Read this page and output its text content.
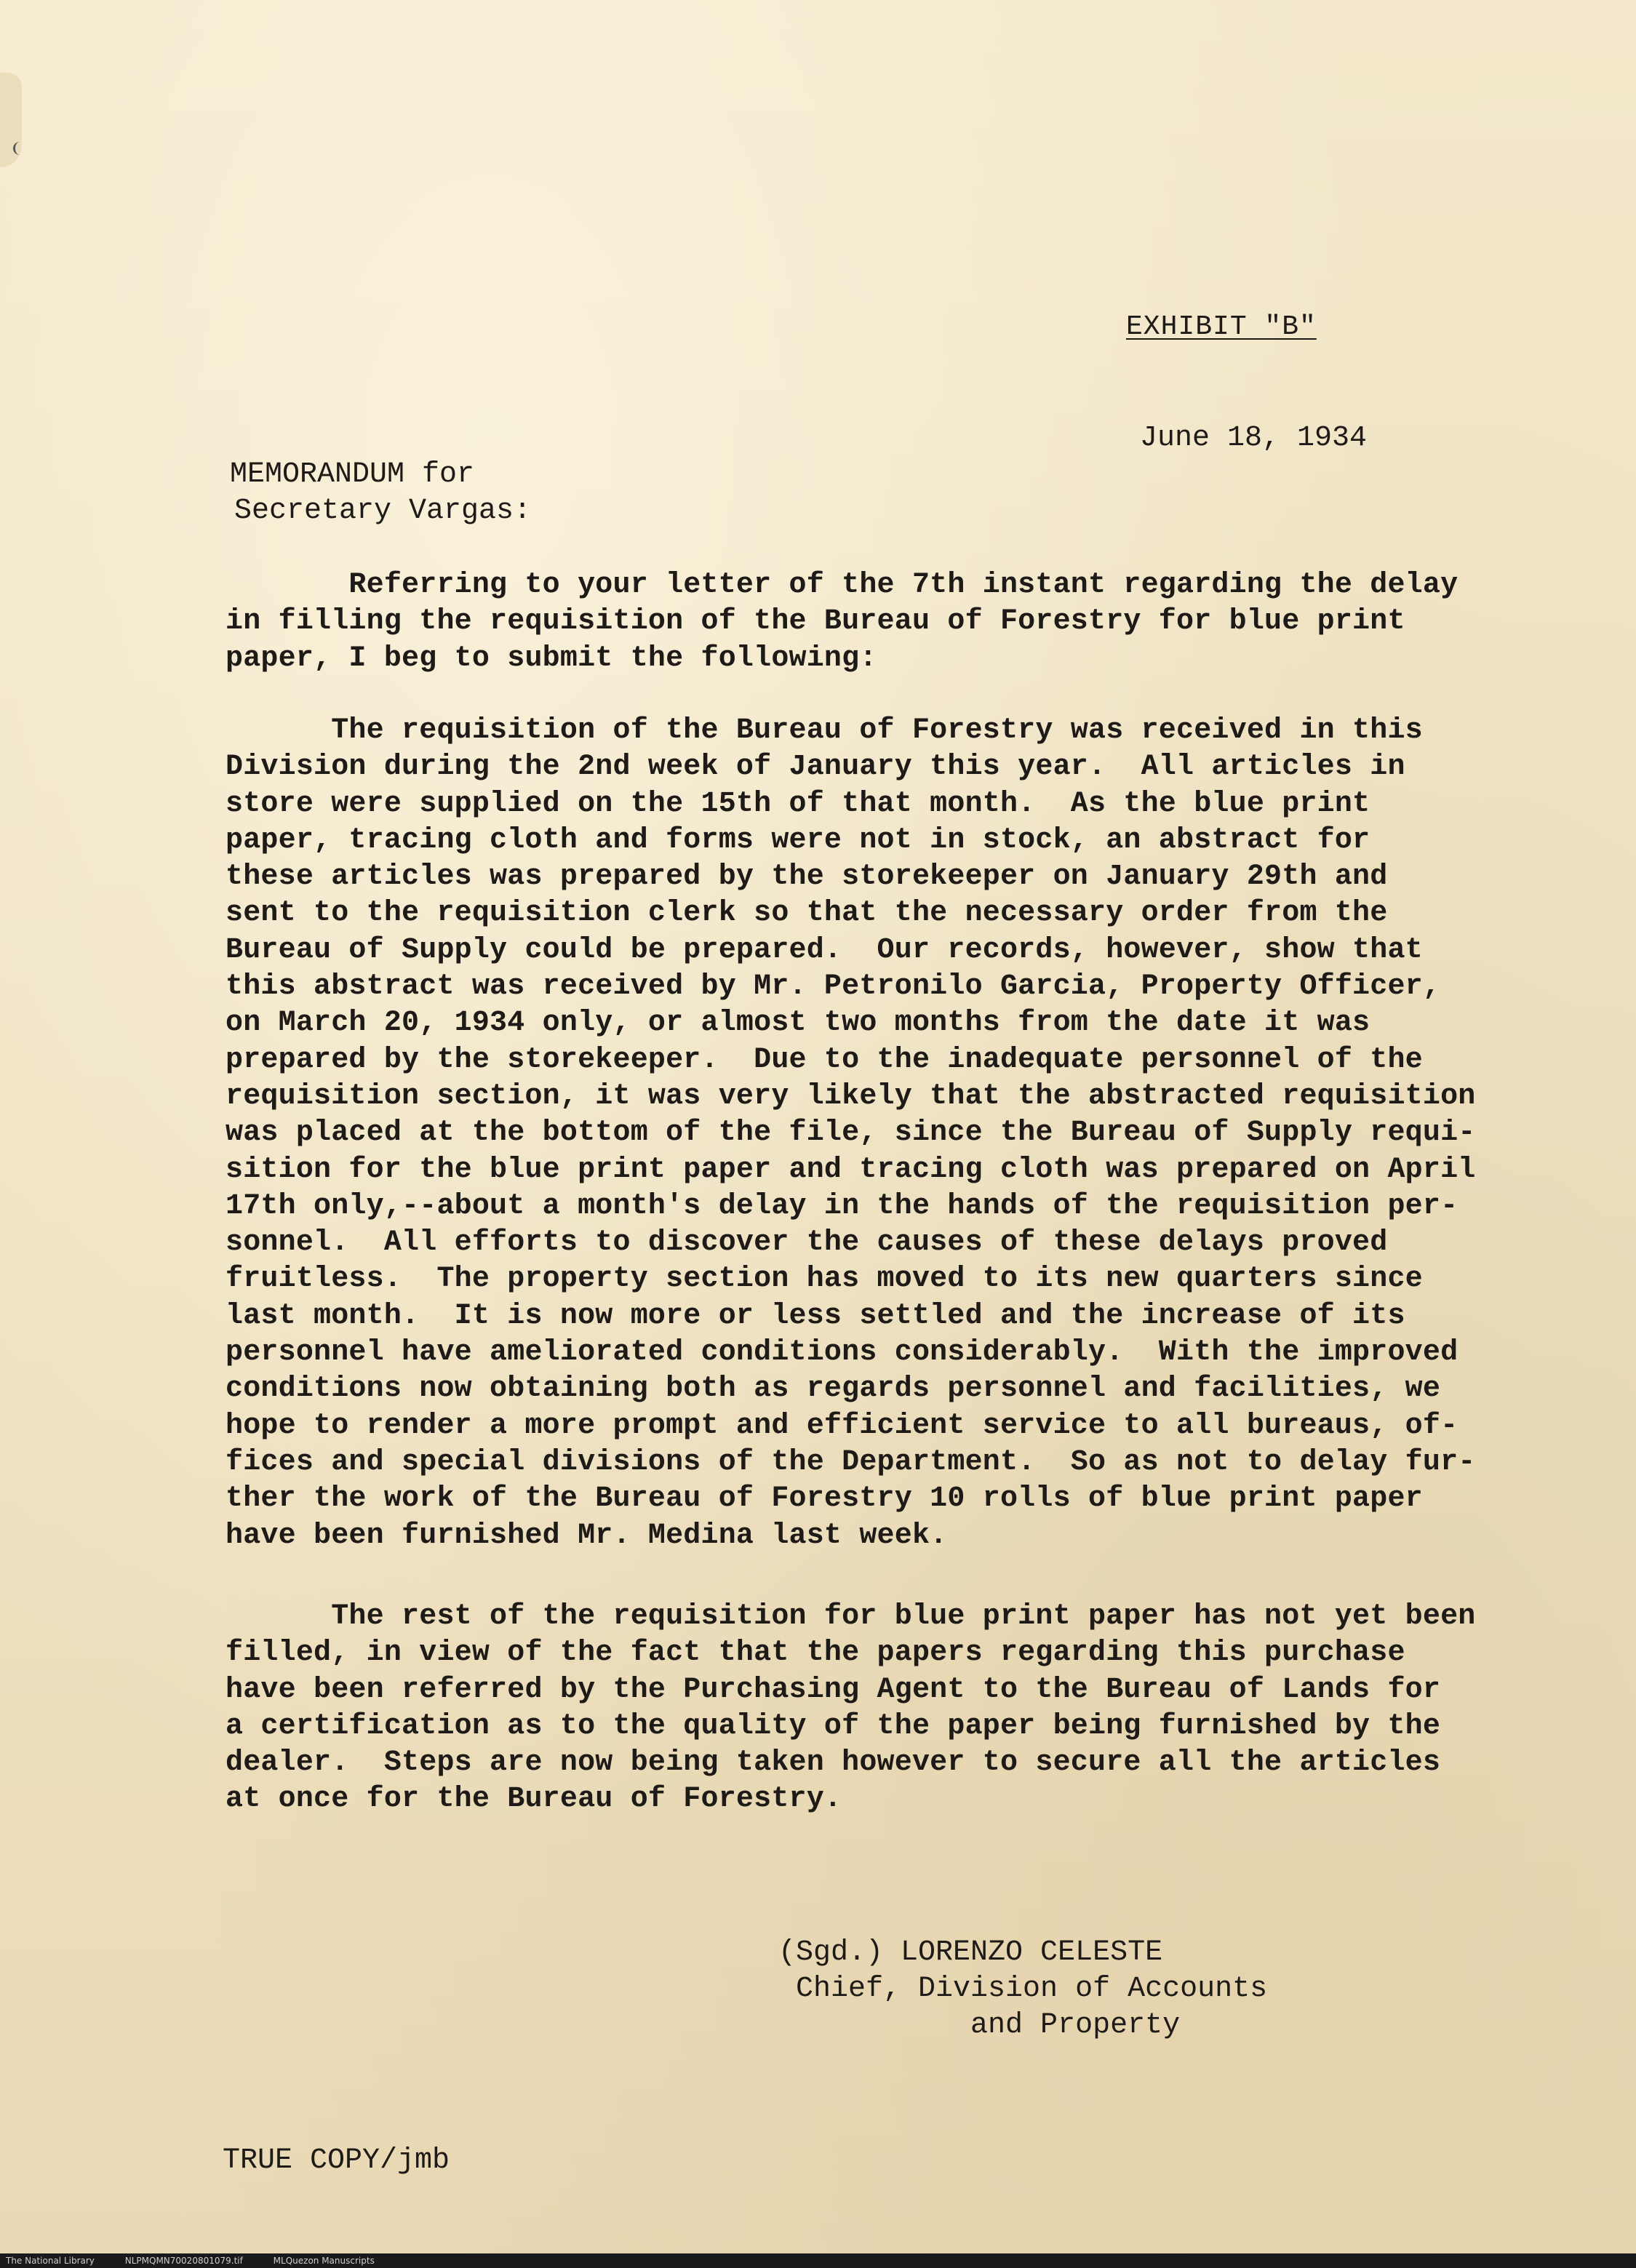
EXHIBIT "B"
June 18, 1934
MEMORANDUM for
Secretary Vargas:
Referring to your letter of the 7th instant regarding the delay
in filling the requisition of the Bureau of Forestry for blue print
paper, I beg to submit the following:
The requisition of the Bureau of Forestry was received in this
Division during the 2nd week of January this year.  All articles in
store were supplied on the 15th of that month.  As the blue print
paper, tracing cloth and forms were not in stock, an abstract for
these articles was prepared by the storekeeper on January 29th and
sent to the requisition clerk so that the necessary order from the
Bureau of Supply could be prepared.  Our records, however, show that
this abstract was received by Mr. Petronilo Garcia, Property Officer,
on March 20, 1934 only, or almost two months from the date it was
prepared by the storekeeper.  Due to the inadequate personnel of the
requisition section, it was very likely that the abstracted requisition
was placed at the bottom of the file, since the Bureau of Supply requi-
sition for the blue print paper and tracing cloth was prepared on April
17th only,--about a month's delay in the hands of the requisition per-
sonnel.  All efforts to discover the causes of these delays proved
fruitless.  The property section has moved to its new quarters since
last month.  It is now more or less settled and the increase of its
personnel have ameliorated conditions considerably.  With the improved
conditions now obtaining both as regards personnel and facilities, we
hope to render a more prompt and efficient service to all bureaus, of-
fices and special divisions of the Department.  So as not to delay fur-
ther the work of the Bureau of Forestry 10 rolls of blue print paper
have been furnished Mr. Medina last week.
The rest of the requisition for blue print paper has not yet been
filled, in view of the fact that the papers regarding this purchase
have been referred by the Purchasing Agent to the Bureau of Lands for
a certification as to the quality of the paper being furnished by the
dealer.  Steps are now being taken however to secure all the articles
at once for the Bureau of Forestry.
(Sgd.) LORENZO CELESTE
Chief, Division of Accounts
and Property
TRUE COPY/jmb
The National Library	NLPMQMN70020801079.tif	MLQuezon Manuscripts
